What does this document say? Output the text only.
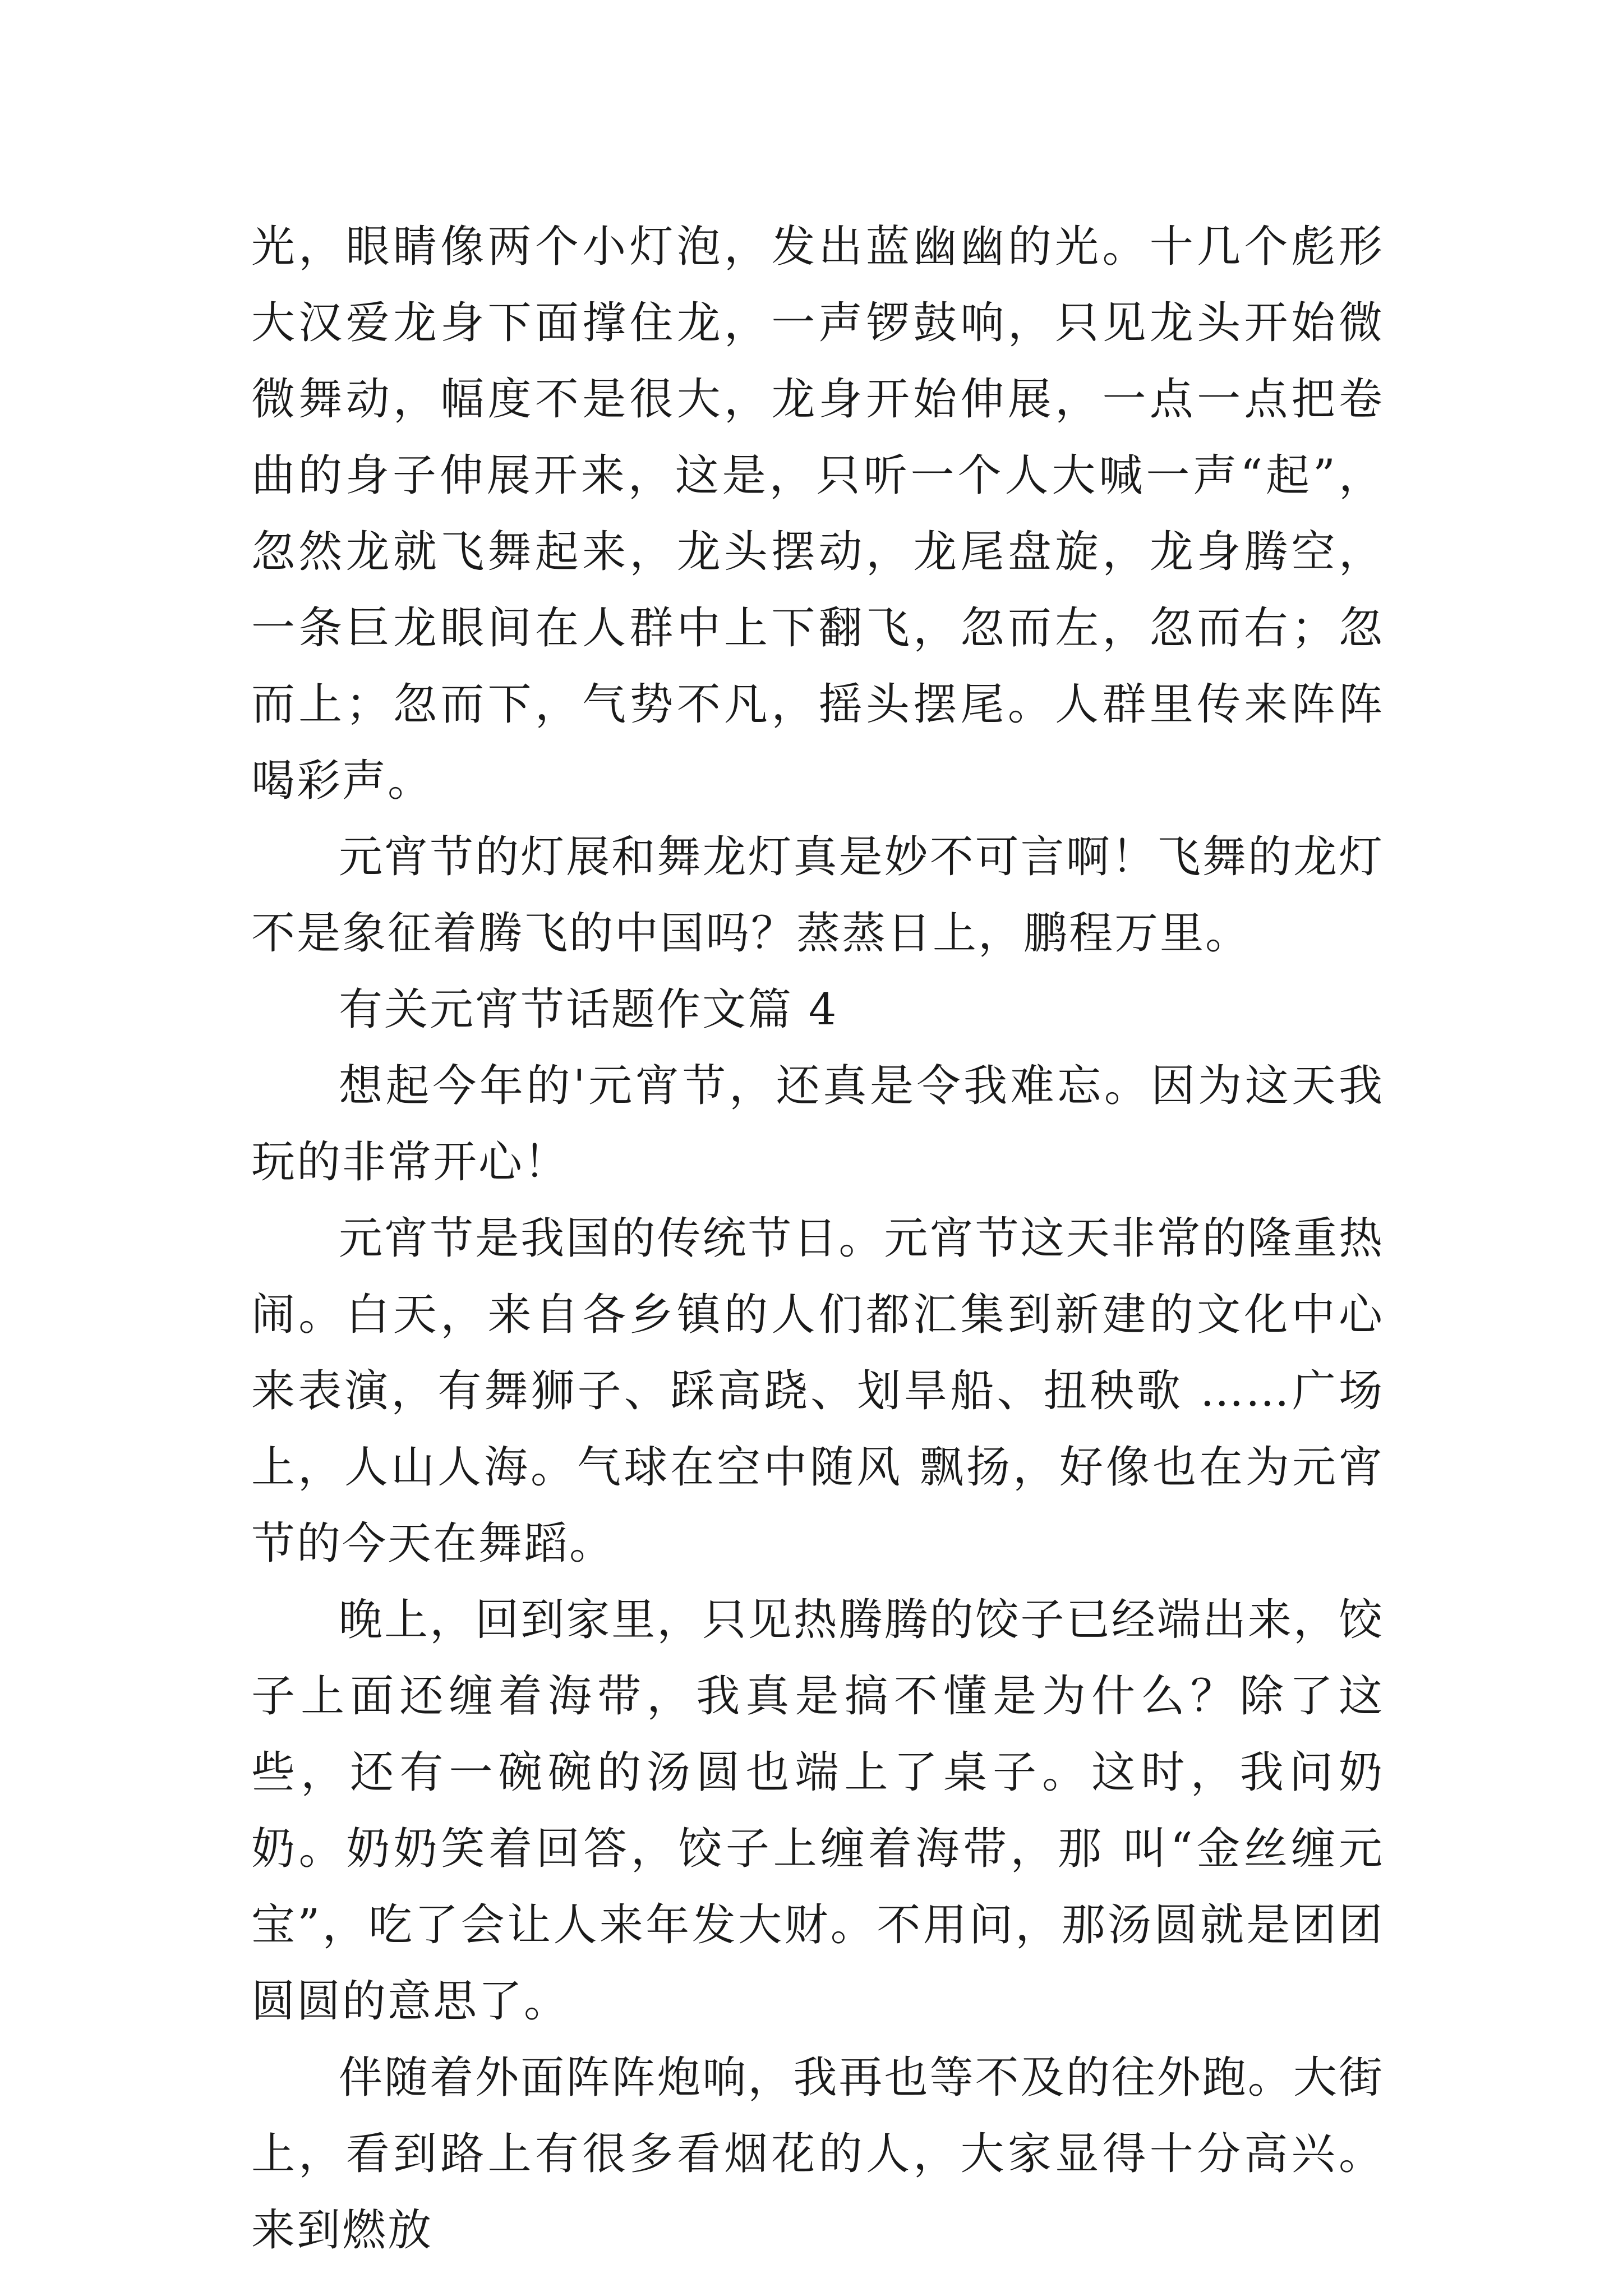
光，眼睛像两个小灯泡，发出蓝幽幽的光。十几个彪形大汉爱龙身下面撑住龙，一声锣鼓响，只见龙头开始微微舞动，幅度不是很大，龙身开始伸展，一点一点把卷曲的身子伸展开来，这是，只听一个人大喊一声“起”，忽然龙就飞舞起来，龙头摆动，龙尾盘旋，龙身腾空，一条巨龙眼间在人群中上下翻飞，忽而左，忽而右；忽而上；忽而下，气势不凡，摇头摆尾。人群里传来阵阵喝彩声。

元宵节的灯展和舞龙灯真是妙不可言啊！飞舞的龙灯不是象征着腾飞的中国吗？蒸蒸日上，鹏程万里。

有关元宵节话题作文篇 4

想起今年的'元宵节，还真是令我难忘。因为这天我玩的非常开心！

元宵节是我国的传统节日。元宵节这天非常的隆重热闹。白天，来自各乡镇的人们都汇集到新建的文化中心来表演，有舞狮子、踩高跷、划旱船、扭秧歌 ……广场上，人山人海。气球在空中随风 飘扬，好像也在为元宵节的今天在舞蹈。

晚上，回到家里，只见热腾腾的饺子已经端出来，饺子上面还缠着海带，我真是搞不懂是为什么？除了这些，还有一碗碗的汤圆也端上了桌子。这时，我问奶奶。奶奶笑着回答，饺子上缠着海带，那 叫“金丝缠元宝”，吃了会让人来年发大财。不用问，那汤圆就是团团圆圆的意思了。

伴随着外面阵阵炮响，我再也等不及的往外跑。大街上，看到路上有很多看烟花的人，大家显得十分高兴。来到燃放
